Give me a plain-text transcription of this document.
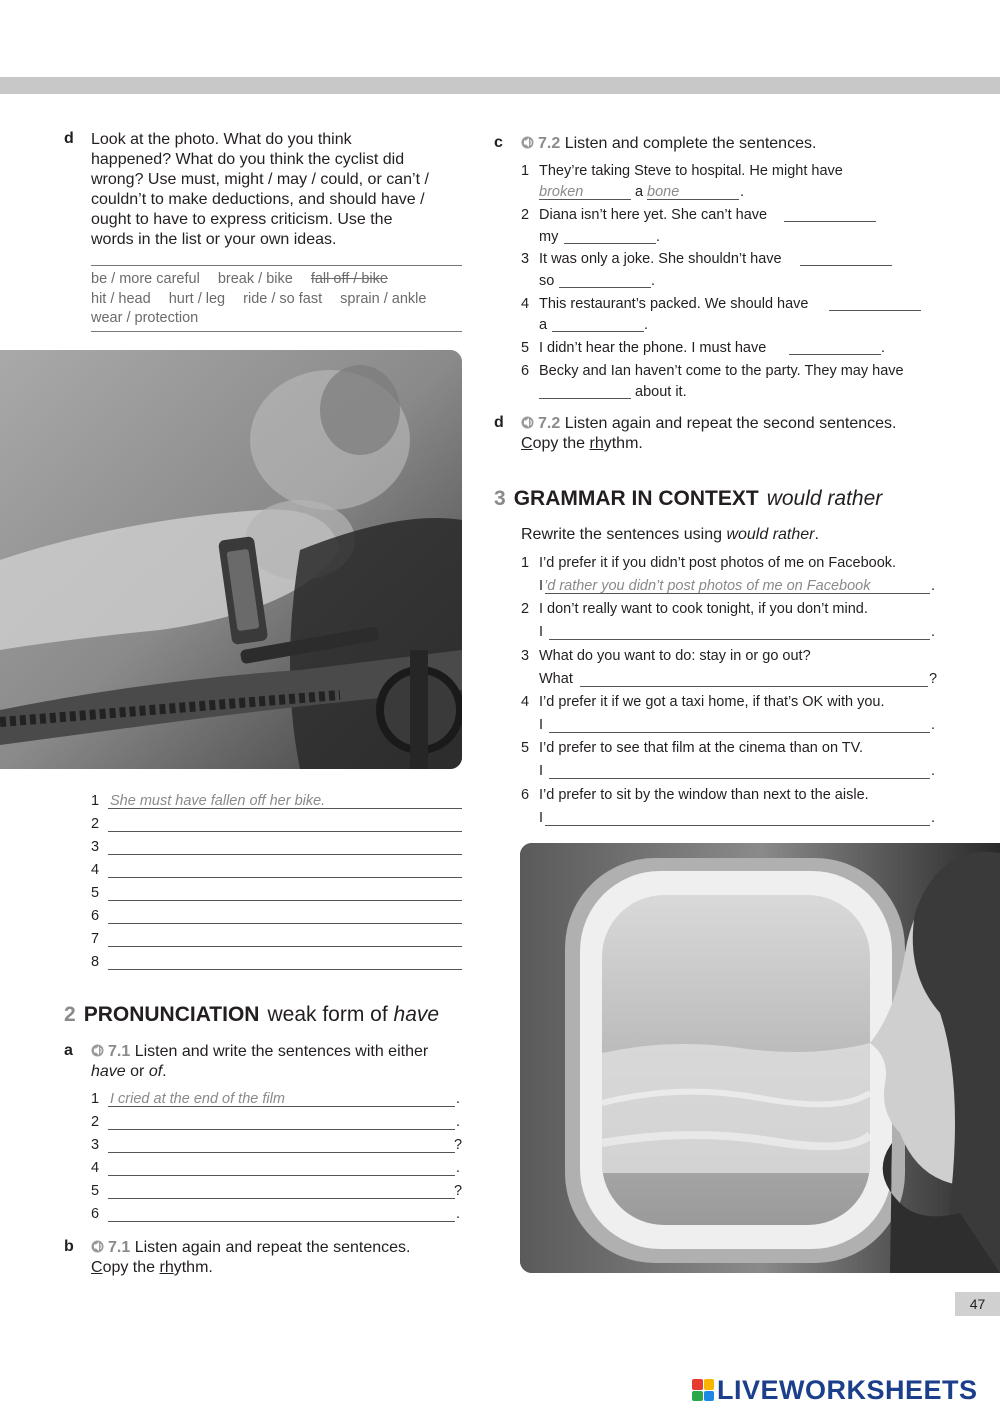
d Look at the photo. What do you think
happened? What do you think the cyclist did
wrong? Use must, might / may / could, or can’t /
couldn’t to make deductions, and should have /
ought to have to express criticism. Use the
words in the list or your own ideas.
be / more careful break / bike fall off / bike
hit / head hurt / leg ride / so fast sprain / ankle
wear / protection
1 She must have fallen off her bike.
2
3
4
5
6
7
8
2 PRONUNCIATION weak form of have
a	7.1 Listen and write the sentences with either
have or of.
1 I cried at the end of the film	.
2	.
3	?
4	.
5	?
6	.
b	7.1 Listen again and repeat the sentences.
Copy the rhythm.
c	7.2 Listen and complete the sentences.
1 They’re taking Steve to hospital. He might have
broken	a bone	.
2 Diana isn’t here yet. She can’t have
my	.
3 It was only a joke. She shouldn’t have
so	.
4 This restaurant’s packed. We should have
a	.
5 I didn’t hear the phone. I must have	.
6 Becky and Ian haven’t come to the party. They may have
about it.
d	7.2 Listen again and repeat the second sentences.
Copy the rhythm.
3 GRAMMAR IN CONTEXT would rather
Rewrite the sentences using would rather.
1 I’d prefer it if you didn’t post photos of me on Facebook.
I ’d rather you didn’t post photos of me on Facebook	.
2 I don’t really want to cook tonight, if you don’t mind.
I	.
3 What do you want to do: stay in or go out?
What	?
4 I’d prefer it if we got a taxi home, if that’s OK with you.
I	.
5 I’d prefer to see that film at the cinema than on TV.
I	.
6 I’d prefer to sit by the window than next to the aisle.
I	.
47
LIVEWORKSHEETS
